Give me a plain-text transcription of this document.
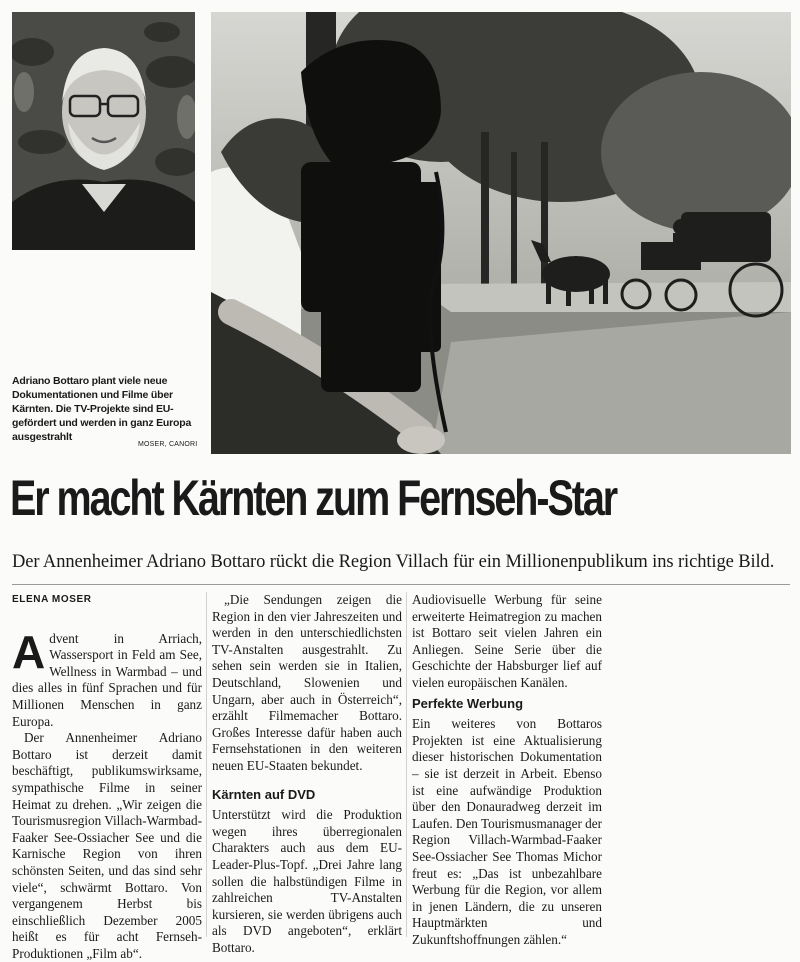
Adriano Bottaro plant viele neue Dokumentationen und Filme über Kärnten. Die TV-Projekte sind EU-gefördert und werden in ganz Europa ausgestrahlt
MOSER, CANORI
Er macht Kärnten zum Fernseh-Star
Der Annenheimer Adriano Bottaro rückt die Region Villach für ein Millionenpublikum ins richtige Bild.
ELENA MOSER

Advent in Arriach, Wassersport in Feld am See, Wellness in Warmbad – und dies alles in fünf Sprachen und für Millionen Menschen in ganz Europa.

Der Annenheimer Adriano Bottaro ist derzeit damit beschäftigt, publikumswirksame, sympathische Filme in seiner Heimat zu drehen. „Wir zeigen die Tourismusregion Villach-Warmbad-Faaker See-Ossiacher See und die Karnische Region von ihren schönsten Seiten, und das sind sehr viele“, schwärmt Bottaro. Von vergangenem Herbst bis einschließlich Dezember 2005 heißt es für acht Fernseh-Produktionen „Film ab“.

„Die Sendungen zeigen die Region in den vier Jahreszeiten und werden in den unterschiedlichsten TV-Anstalten ausgestrahlt. Zu sehen sein werden sie in Italien, Deutschland, Slowenien und Ungarn, aber auch in Österreich“, erzählt Filmemacher Bottaro. Großes Interesse dafür haben auch Fernsehstationen in den weiteren neuen EU-Staaten bekundet.

Kärnten auf DVD

Unterstützt wird die Produktion wegen ihres überregionalen Charakters auch aus dem EU-Leader-Plus-Topf. „Drei Jahre lang sollen die halbstündigen Filme in zahlreichen TV-Anstalten kursieren, sie werden übrigens auch als DVD angeboten“, erklärt Bottaro.

Audiovisuelle Werbung für seine erweiterte Heimatregion zu machen ist Bottaro seit vielen Jahren ein Anliegen. Seine Serie über die Geschichte der Habsburger lief auf vielen europäischen Kanälen.

Perfekte Werbung

Ein weiteres von Bottaros Projekten ist eine Aktualisierung dieser historischen Dokumentation – sie ist derzeit in Arbeit. Ebenso ist eine aufwändige Produktion über den Donauradweg derzeit im Laufen. Den Tourismusmanager der Region Villach-Warmbad-Faaker See-Ossiacher See Thomas Michor freut es: „Das ist unbezahlbare Werbung für die Region, vor allem in jenen Ländern, die zu unseren Hauptmärkten und Zukunftshoffnungen zählen.“
